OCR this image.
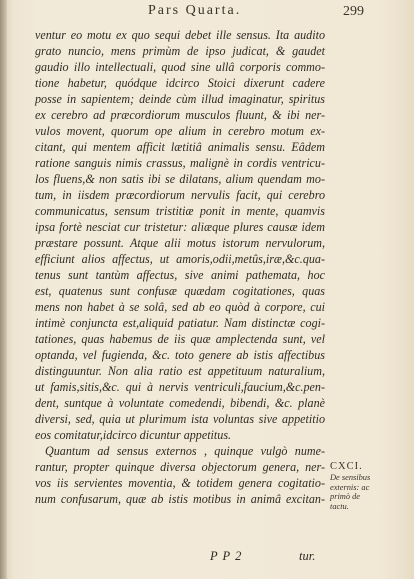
Pars Quarta.	299
ventur eo motu ex quo sequi debet ille sensus. Ita audito
grato nuncio, mens primùm de ipso judicat, & gaudet
gaudio illo intellectuali, quod sine ullâ corporis commo-
tione habetur, quódque idcirco Stoici dixerunt cadere
posse in sapientem; deinde cùm illud imaginatur, spiritus
ex cerebro ad præcordiorum musculos fluunt, & ibi ner-
vulos movent, quorum ope alium in cerebro motum ex-
citant, qui mentem afficit lætitiâ animalis sensu. Eâdem
ratione sanguis nimis crassus, malignè in cordis ventricu-
los fluens,& non satis ibi se dilatans, alium quendam mo-
tum, in iisdem præcordiorum nervulis facit, qui cerebro
communicatus, sensum tristitiæ ponit in mente, quamvis
ipsa fortè nesciat cur tristetur: aliæque plures causæ idem
præstare possunt. Atque alii motus istorum nervulorum,
efficiunt alios affectus, ut amoris,odii,metûs,iræ,&c.qua-
tenus sunt tantùm affectus, sive animi pathemata, hoc
est, quatenus sunt confusæ quædam cogitationes, quas
mens non habet à se solâ, sed ab eo quòd à corpore, cui
intimè conjuncta est,aliquid patiatur. Nam distinctæ cogi-
tationes, quas habemus de iis quæ amplectenda sunt, vel
optanda, vel fugienda, &c. toto genere ab istis affectibus
distinguuntur. Non alia ratio est appetituum naturalium,
ut famis,sitis,&c. qui à nervis ventriculi,faucium,&c.pen-
dent, suntque à voluntate comedendi, bibendi, &c. planè
diversi, sed, quia ut plurimum ista voluntas sive appetitio
eos comitatur,idcirco dicuntur appetitus.
Quantum ad sensus externos , quinque vulgò nume-
rantur, propter quinque diversa objectorum genera, ner-
vos iis servientes moventia, & totidem genera cogitatio-
num confusarum, quæ ab istis motibus in animâ excitan-
CXCI.
De sensibus
externis: ac
primò de
tactu.
P P 2	tur.
